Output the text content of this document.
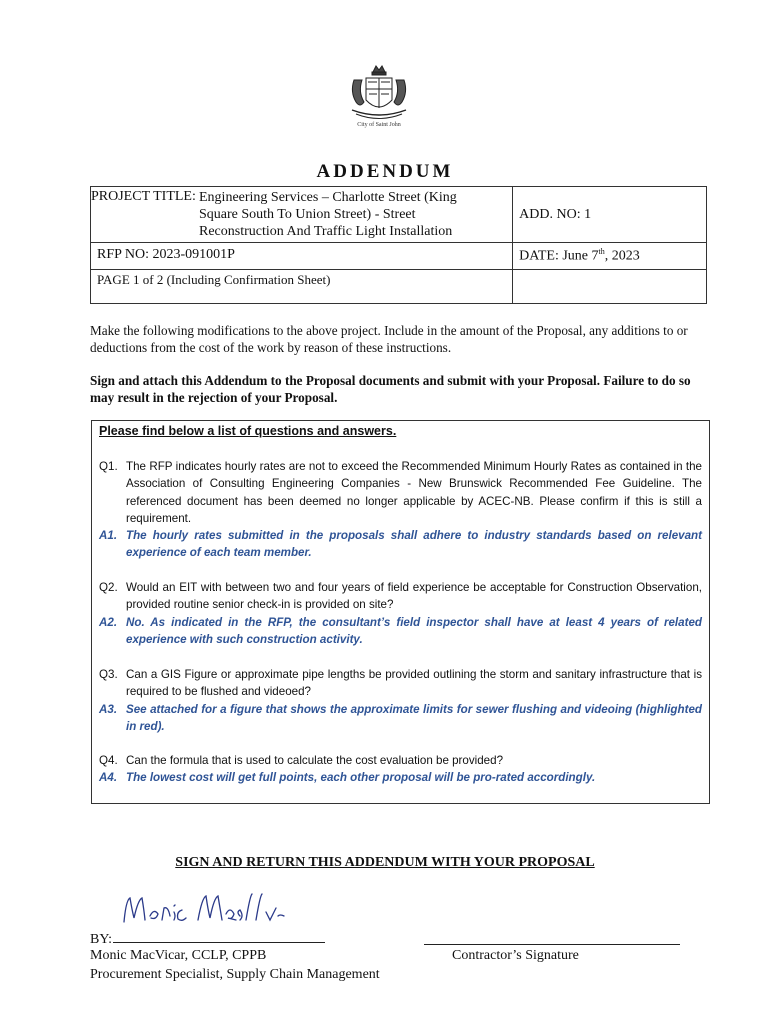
City of Saint John
ADDENDUM
PROJECT TITLE: Engineering Services – Charlotte Street (King
Square South To Union Street) - Street
Reconstruction And Traffic Light Installation	ADD. NO: 1
RFP NO: 2023-091001P	DATE: June 7th, 2023
PAGE 1 of 2 (Including Confirmation Sheet)	
Make the following modifications to the above project. Include in the amount of the Proposal, any additions to or deductions from the cost of the work by reason of these instructions.
Sign and attach this Addendum to the Proposal documents and submit with your Proposal. Failure to do so may result in the rejection of your Proposal.
Please find below a list of questions and answers.
Q1. The RFP indicates hourly rates are not to exceed the Recommended Minimum Hourly Rates as contained in the Association of Consulting Engineering Companies - New Brunswick Recommended Fee Guideline. The referenced document has been deemed no longer applicable by ACEC-NB. Please confirm if this is still a requirement.
A1. The hourly rates submitted in the proposals shall adhere to industry standards based on relevant experience of each team member.
Q2. Would an EIT with between two and four years of field experience be acceptable for Construction Observation, provided routine senior check-in is provided on site?
A2. No. As indicated in the RFP, the consultant’s field inspector shall have at least 4 years of related experience with such construction activity.
Q3. Can a GIS Figure or approximate pipe lengths be provided outlining the storm and sanitary infrastructure that is required to be flushed and videoed?
A3. See attached for a figure that shows the approximate limits for sewer flushing and videoing (highlighted in red).
Q4. Can the formula that is used to calculate the cost evaluation be provided?
A4. The lowest cost will get full points, each other proposal will be pro-rated accordingly.
SIGN AND RETURN THIS ADDENDUM WITH YOUR PROPOSAL
BY:
Monic MacVicar, CCLP, CPPB
Procurement Specialist, Supply Chain Management
Contractor’s Signature
